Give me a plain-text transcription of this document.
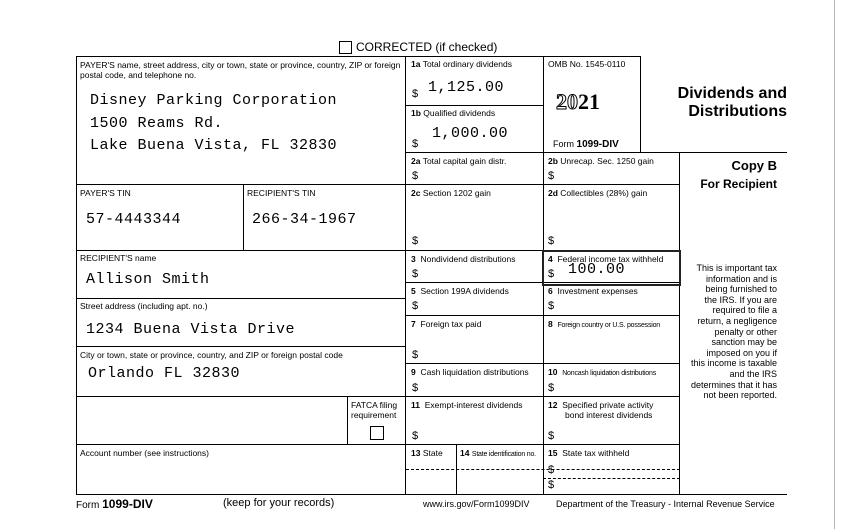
CORRECTED (if checked)
PAYER'S name, street address, city or town, state or province, country, ZIP or foreign postal code, and telephone no.
Disney Parking Corporation
1500 Reams Rd.
Lake Buena Vista, FL 32830
PAYER'S TIN
57-4443344
RECIPIENT'S TIN
266-34-1967
RECIPIENT'S name
Allison Smith
Street address (including apt. no.)
1234 Buena Vista Drive
City or town, state or province, country, and ZIP or foreign postal code
Orlando FL 32830
FATCA filing
requirement
Account number (see instructions)
1a Total ordinary dividends
$ 1,125.00
1b Qualified dividends
$
1,000.00
2a Total capital gain distr.
$
2c Section 1202 gain
$
3 Nondividend distributions
$
5 Section 199A dividends
$
7 Foreign tax paid
$
9 Cash liquidation distributions
$
11 Exempt-interest dividends
$
13 State 14 State identification no.
OMB No. 1545-0110
2021
Form 1099-DIV
2b Unrecap. Sec. 1250 gain
$
2d Collectibles (28%) gain
$
4 Federal income tax withheld
$ 100.00
6 Investment expenses
$
8 Foreign country or U.S. possession
10 Noncash liquidation distributions
$
12 Specified private activity
bond interest dividends
$
15 State tax withheld
$
$
Dividends and
Distributions
Copy B
For Recipient
This is important tax
information and is
being furnished to
the IRS. If you are
required to file a
return, a negligence
penalty or other
sanction may be
imposed on you if
this income is taxable
and the IRS
determines that it has
not been reported.
Form 1099-DIV	(keep for your records)	www.irs.gov/Form1099DIV	Department of the Treasury - Internal Revenue Service
